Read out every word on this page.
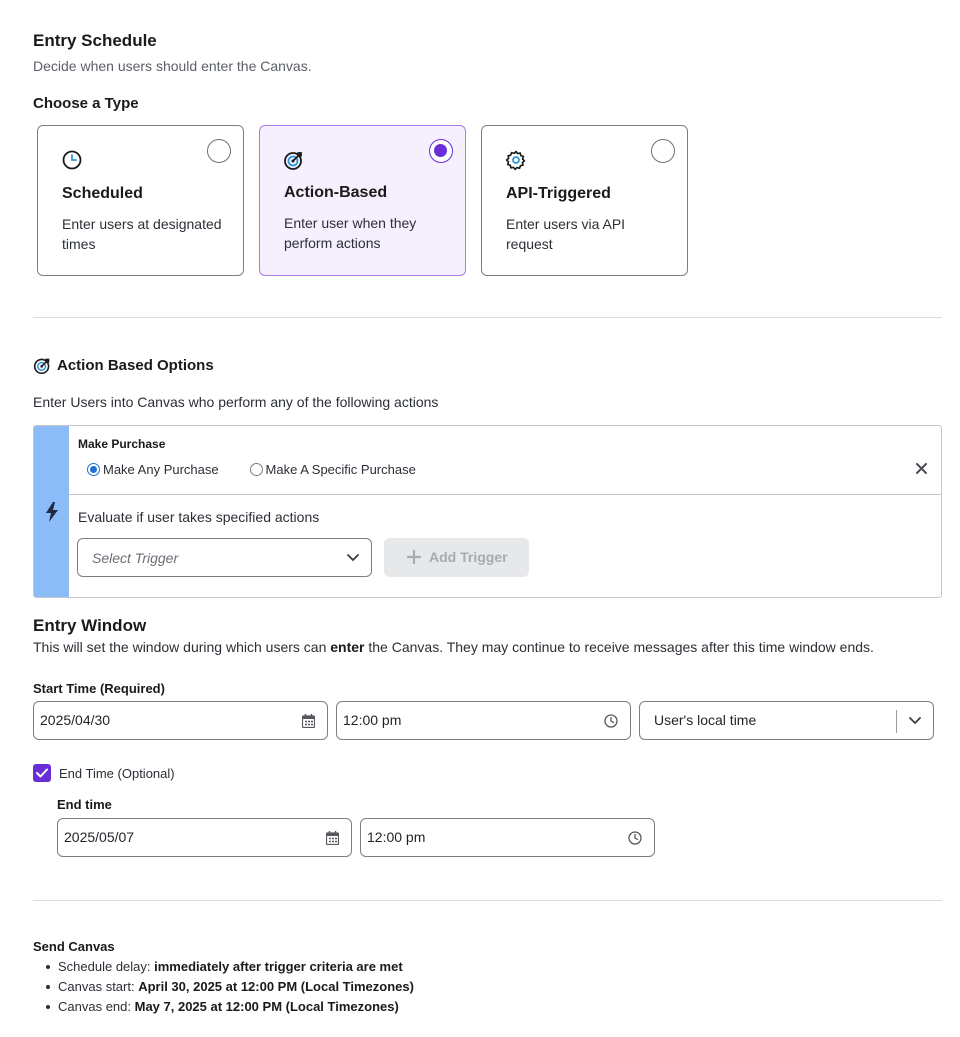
Entry Schedule
Decide when users should enter the Canvas.
Choose a Type
Scheduled
Enter users at designated times
Action-Based
Enter user when they perform actions
API-Triggered
Enter users via API request
Action Based Options
Enter Users into Canvas who perform any of the following actions
Make Purchase
Make Any Purchase	Make A Specific Purchase
Evaluate if user takes specified actions
Select Trigger	Add Trigger
Entry Window
This will set the window during which users can enter the Canvas. They may continue to receive messages after this time window ends.
Start Time (Required)
2025/04/30	12:00 pm	User's local time
End Time (Optional)
End time
2025/05/07	12:00 pm
Send Canvas
Schedule delay: immediately after trigger criteria are met
Canvas start: April 30, 2025 at 12:00 PM (Local Timezones)
Canvas end: May 7, 2025 at 12:00 PM (Local Timezones)
